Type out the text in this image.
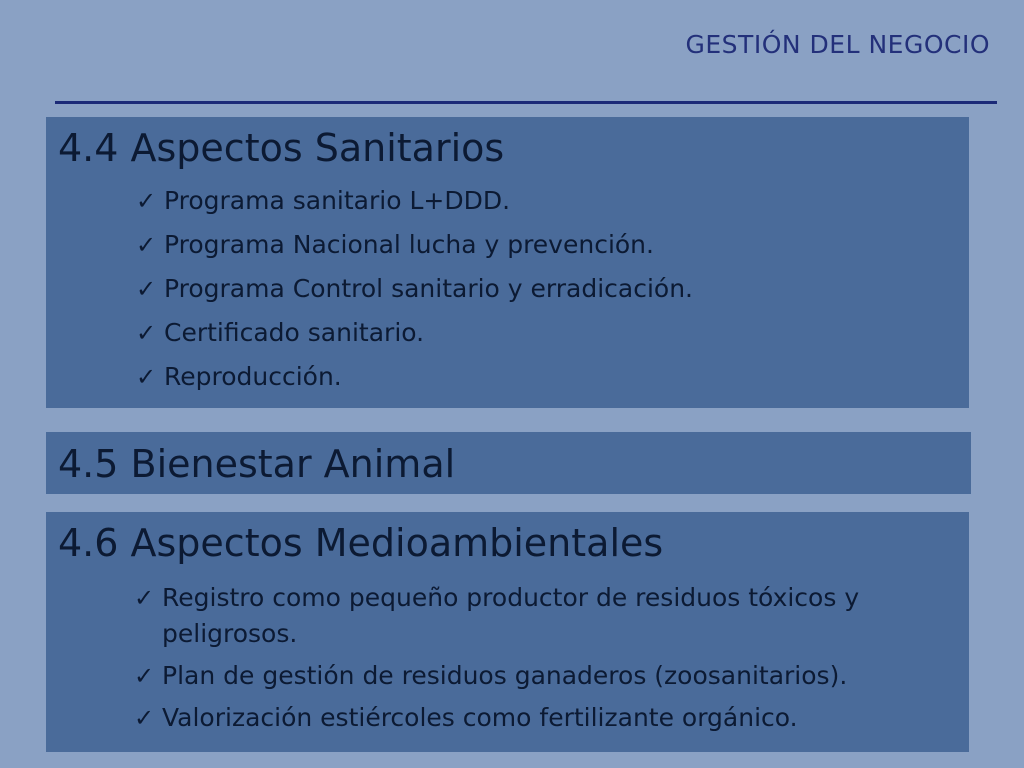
GESTIÓN DEL NEGOCIO
4.4 Aspectos Sanitarios
✓ Programa sanitario L+DDD.
✓ Programa Nacional lucha y prevención.
✓ Programa Control sanitario y erradicación.
✓ Certificado sanitario.
✓ Reproducción.
4.5 Bienestar Animal
4.6 Aspectos Medioambientales
✓ Registro como pequeño productor de residuos tóxicos y peligrosos.
✓ Plan de gestión de residuos ganaderos (zoosanitarios).
✓ Valorización estiércoles como fertilizante orgánico.
